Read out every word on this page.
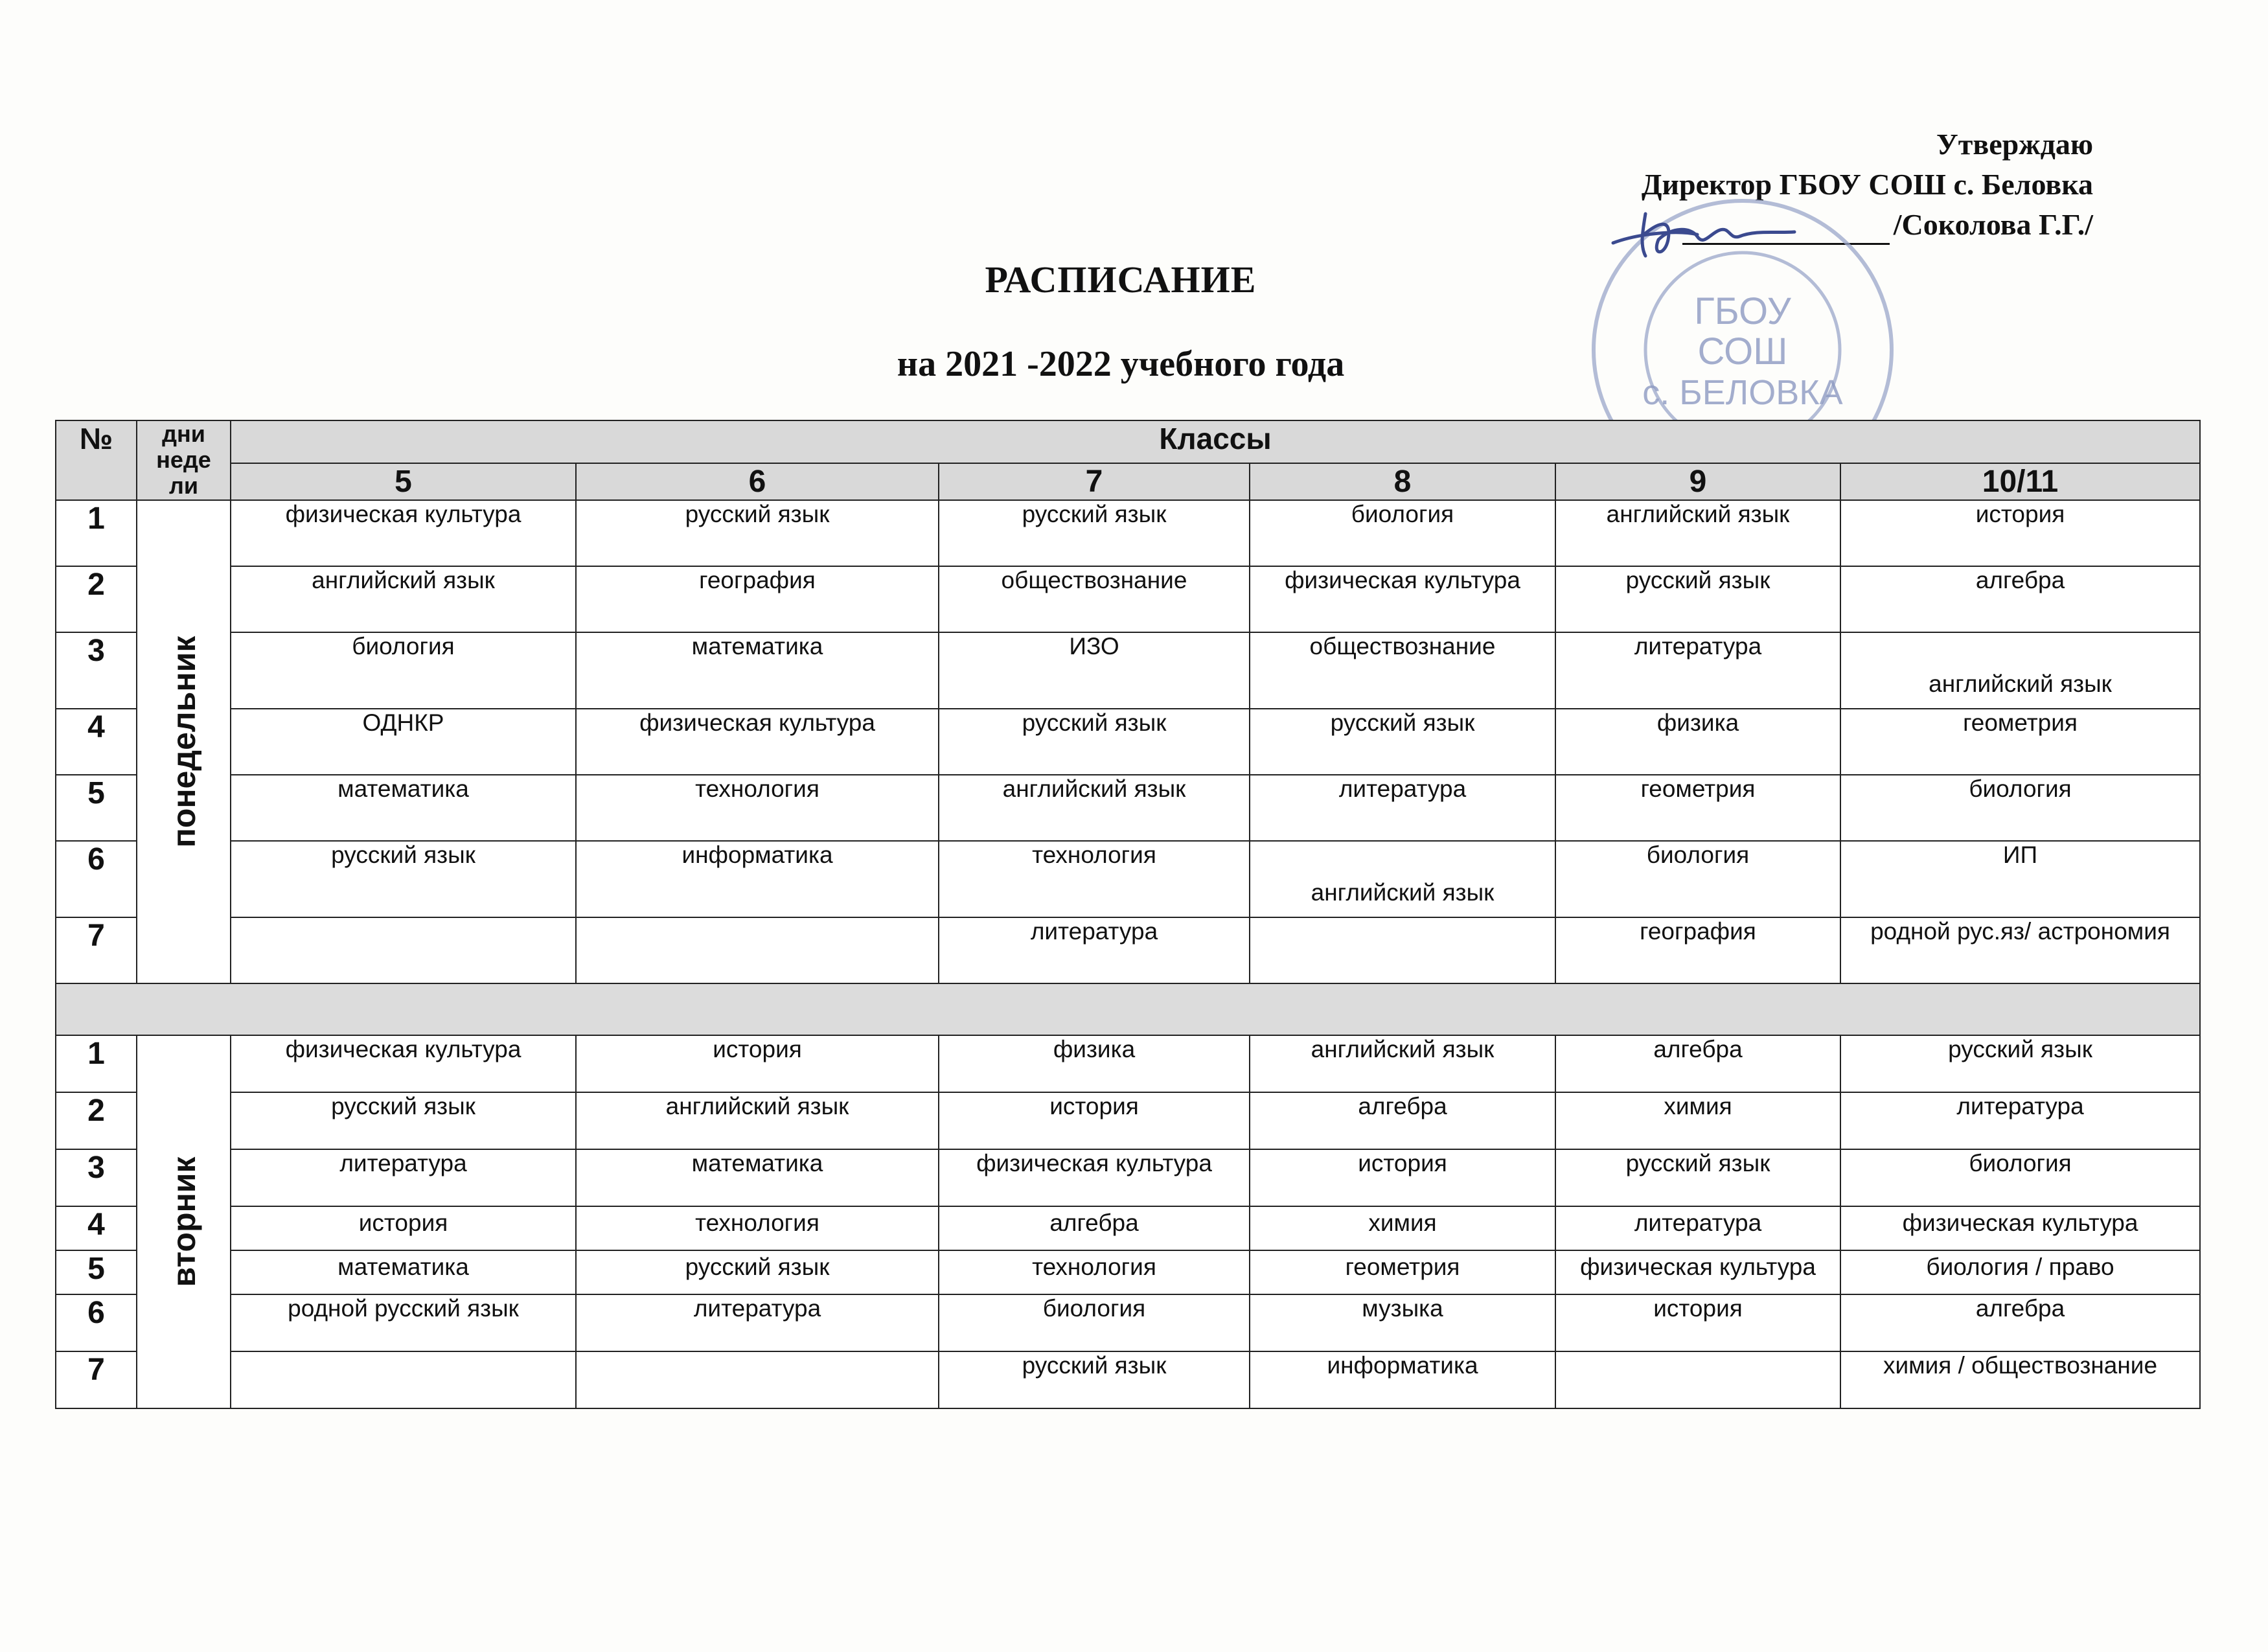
Утверждаю
Директор ГБОУ СОШ с. Беловка
/Соколова Г.Г./
ГБОУ
СОШ
с. БЕЛОВКА
РАСПИСАНИЕ
на 2021 -2022 учебного года
№	дни
неде
ли	Классы					
		5	6	7	8	9	10/11
1	понедельник	физическая культура	русский язык	русский язык	биология	английский язык	история
2		английский язык	география	обществознание	физическая культура	русский язык	алгебра
3		биология	математика	ИЗО	обществознание	литература	английский язык
4		ОДНКР	физическая культура	русский язык	русский язык	физика	геометрия
5		математика	технология	английский язык	литература	геометрия	биология
6		русский язык	информатика	технология	английский язык	биология	ИП
7				литература		география	родной рус.яз/ астрономия

1	вторник	физическая культура	история	физика	английский язык	алгебра	русский язык
2		русский язык	английский язык	история	алгебра	химия	литература
3		литература	математика	физическая культура	история	русский язык	биология
4		история	технология	алгебра	химия	литература	физическая культура
5		математика	русский язык	технология	геометрия	физическая культура	биология / право
6		родной русский язык	литература	биология	музыка	история	алгебра
7				русский язык	информатика		химия / обществознание
